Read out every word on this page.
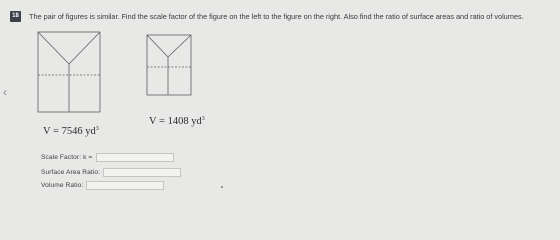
18 The pair of figures is similar. Find the scale factor of the figure on the left to the figure on the right. Also find the ratio of surface areas and ratio of volumes.
‹
V = 7546 $yd^3$
V = 1408 $yd^3$
Scale Factor: k =
Surface Area Ratio:
Volume Ratio:
